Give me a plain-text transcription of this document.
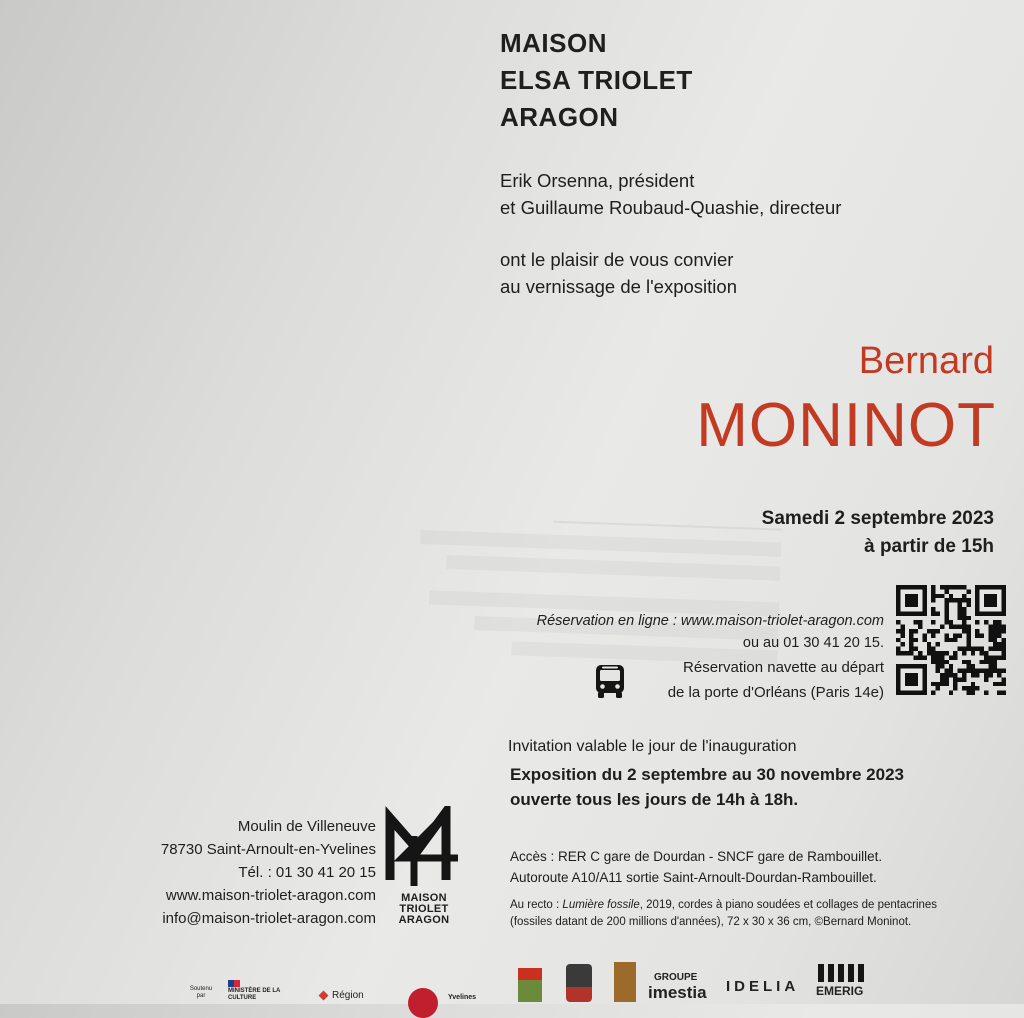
MAISON
ELSA TRIOLET
ARAGON
Erik Orsenna, président
et Guillaume Roubaud-Quashie, directeur
ont le plaisir de vous convier
au vernissage de l'exposition
Bernard
MONINOT
Samedi 2 septembre 2023
à partir de 15h
Réservation en ligne : www.maison-triolet-aragon.com
ou au 01 30 41 20 15.
Réservation navette au départ
de la porte d'Orléans (Paris 14e)
Invitation valable le jour de l'inauguration
Exposition du 2 septembre au 30 novembre 2023
ouverte tous les jours de 14h à 18h.
Moulin de Villeneuve
78730 Saint-Arnoult-en-Yvelines
Tél. : 01 30 41 20 15
www.maison-triolet-aragon.com
info@maison-triolet-aragon.com
MAISON
TRIOLET
ARAGON
Accès : RER C gare de Dourdan - SNCF gare de Rambouillet.
Autoroute A10/A11 sortie Saint-Arnoult-Dourdan-Rambouillet.
Au recto : Lumière fossile, 2019, cordes à piano soudées et collages de pentacrines
(fossiles datant de 200 millions d'années), 72 x 30 x 36 cm, ©Bernard Moninot.
Soutenu par
MINISTÈRE DE LA CULTURE	Région	Yvelines
GROUPE
imestia IDELIA EMERIG
